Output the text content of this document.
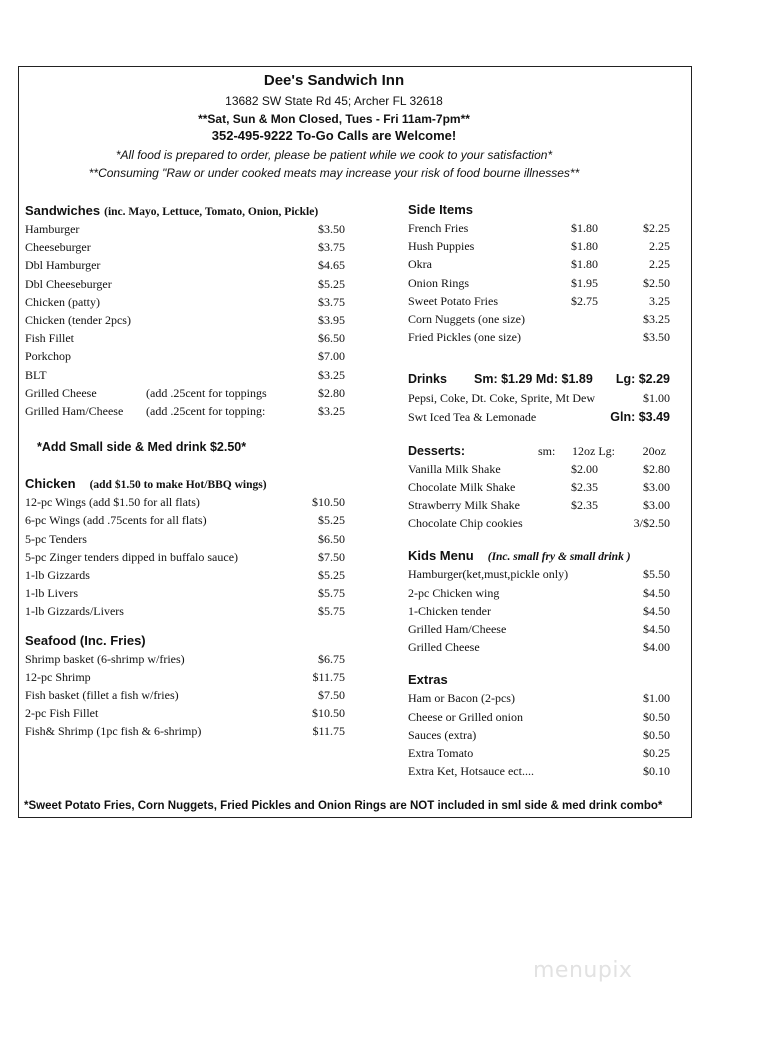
Dee's Sandwich Inn
13682 SW State Rd 45; Archer FL 32618
**Sat, Sun & Mon Closed, Tues - Fri 11am-7pm**
352-495-9222 To-Go Calls are Welcome!
*All food is prepared to order, please be patient while we cook to your satisfaction*
**Consuming "Raw or under cooked meats may increase your risk of food bourne illnesses**
Sandwiches (inc. Mayo, Lettuce, Tomato, Onion, Pickle)
Hamburger	$3.50
Cheeseburger	$3.75
Dbl Hamburger	$4.65
Dbl Cheeseburger	$5.25
Chicken (patty)	$3.75
Chicken (tender 2pcs)	$3.95
Fish Fillet	$6.50
Porkchop	$7.00
BLT	$3.25
Grilled Cheese	(add .25cent for toppings	$2.80
Grilled Ham/Cheese (add .25cent for topping:	$3.25
*Add Small side & Med drink $2.50*
Chicken (add $1.50 to make Hot/BBQ wings)
12-pc Wings (add $1.50 for all flats)	$10.50
6-pc Wings (add .75cents for all flats)	$5.25
5-pc Tenders	$6.50
5-pc Zinger tenders dipped in buffalo sauce)	$7.50
1-lb Gizzards	$5.25
1-lb Livers	$5.75
1-lb Gizzards/Livers	$5.75
Seafood (Inc. Fries)
Shrimp basket (6-shrimp w/fries)	$6.75
12-pc Shrimp	$11.75
Fish basket (fillet a fish w/fries)	$7.50
2-pc Fish Fillet	$10.50
Fish& Shrimp (1pc fish & 6-shrimp)	$11.75
Side Items
French Fries	$1.80	$2.25
Hush Puppies	$1.80	2.25
Okra	$1.80	2.25
Onion Rings	$1.95	$2.50
Sweet Potato Fries	$2.75	3.25
Corn Nuggets (one size)	$3.25
Fried Pickles (one size)	$3.50
Drinks Sm: $1.29 Md: $1.89	Lg: $2.29
Pepsi, Coke, Dt. Coke, Sprite, Mt Dew	$1.00
Swt Iced Tea & Lemonade	Gln: $3.49
Desserts:	sm: 12oz Lg:	20oz
Vanilla Milk Shake	$2.00	$2.80
Chocolate Milk Shake	$2.35	$3.00
Strawberry Milk Shake	$2.35	$3.00
Chocolate Chip cookies	3/$2.50
Kids Menu (Inc. small fry & small drink )
Hamburger(ket,must,pickle only)	$5.50
2-pc Chicken wing	$4.50
1-Chicken tender	$4.50
Grilled Ham/Cheese	$4.50
Grilled Cheese	$4.00
Extras
Ham or Bacon (2-pcs)	$1.00
Cheese or Grilled onion	$0.50
Sauces (extra)	$0.50
Extra Tomato	$0.25
Extra Ket, Hotsauce ect....	$0.10
*Sweet Potato Fries, Corn Nuggets, Fried Pickles and Onion Rings are NOT included in sml side & med drink combo*
menupix
